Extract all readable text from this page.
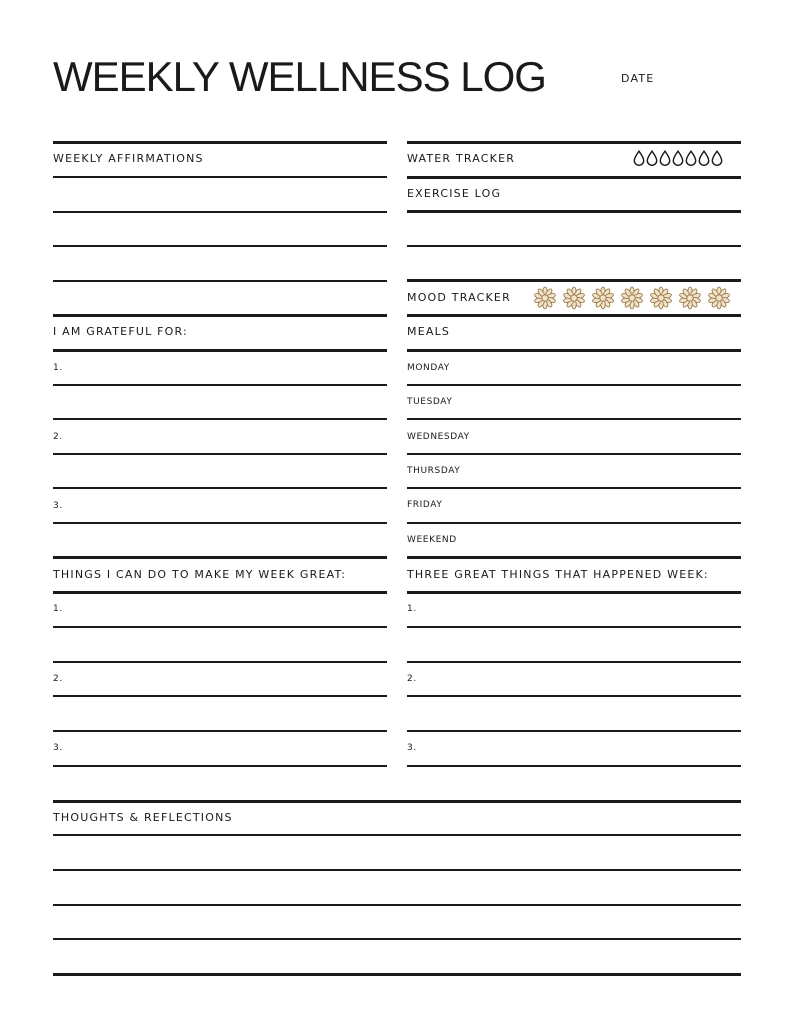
WEEKLY WELLNESS LOG	DATE
WEEKLY AFFIRMATIONS
I AM GRATEFUL FOR:
1.
2.
3.
THINGS I CAN DO TO MAKE MY WEEK GREAT:
1.
2.
3.
WATER TRACKER
EXERCISE LOG
MOOD TRACKER
MEALS
MONDAY
TUESDAY
WEDNESDAY
THURSDAY
FRIDAY
WEEKEND
THREE GREAT THINGS THAT HAPPENED WEEK:
1.
2.
3.
THOUGHTS & REFLECTIONS
